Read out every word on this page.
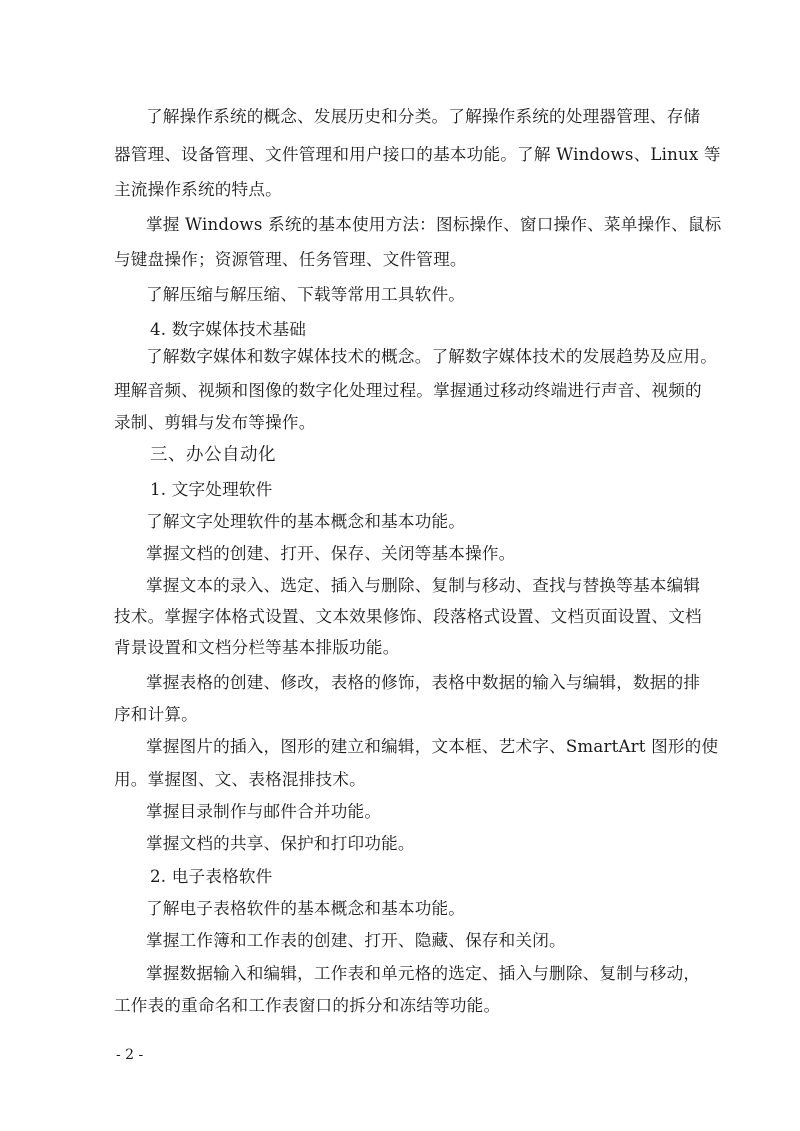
了解操作系统的概念、发展历史和分类。了解操作系统的处理器管理、存储
器管理、设备管理、文件管理和用户接口的基本功能。了解 Windows、Linux 等
主流操作系统的特点。
掌握 Windows 系统的基本使用方法：图标操作、窗口操作、菜单操作、鼠标
与键盘操作；资源管理、任务管理、文件管理。
了解压缩与解压缩、下载等常用工具软件。
4. 数字媒体技术基础
了解数字媒体和数字媒体技术的概念。了解数字媒体技术的发展趋势及应用。
理解音频、视频和图像的数字化处理过程。掌握通过移动终端进行声音、视频的
录制、剪辑与发布等操作。
三、办公自动化
1. 文字处理软件
了解文字处理软件的基本概念和基本功能。
掌握文档的创建、打开、保存、关闭等基本操作。
掌握文本的录入、选定、插入与删除、复制与移动、查找与替换等基本编辑
技术。掌握字体格式设置、文本效果修饰、段落格式设置、文档页面设置、文档
背景设置和文档分栏等基本排版功能。
掌握表格的创建、修改，表格的修饰，表格中数据的输入与编辑，数据的排
序和计算。
掌握图片的插入，图形的建立和编辑，文本框、艺术字、SmartArt 图形的使
用。掌握图、文、表格混排技术。
掌握目录制作与邮件合并功能。
掌握文档的共享、保护和打印功能。
2. 电子表格软件
了解电子表格软件的基本概念和基本功能。
掌握工作簿和工作表的创建、打开、隐藏、保存和关闭。
掌握数据输入和编辑，工作表和单元格的选定、插入与删除、复制与移动，
工作表的重命名和工作表窗口的拆分和冻结等功能。
- 2 -
